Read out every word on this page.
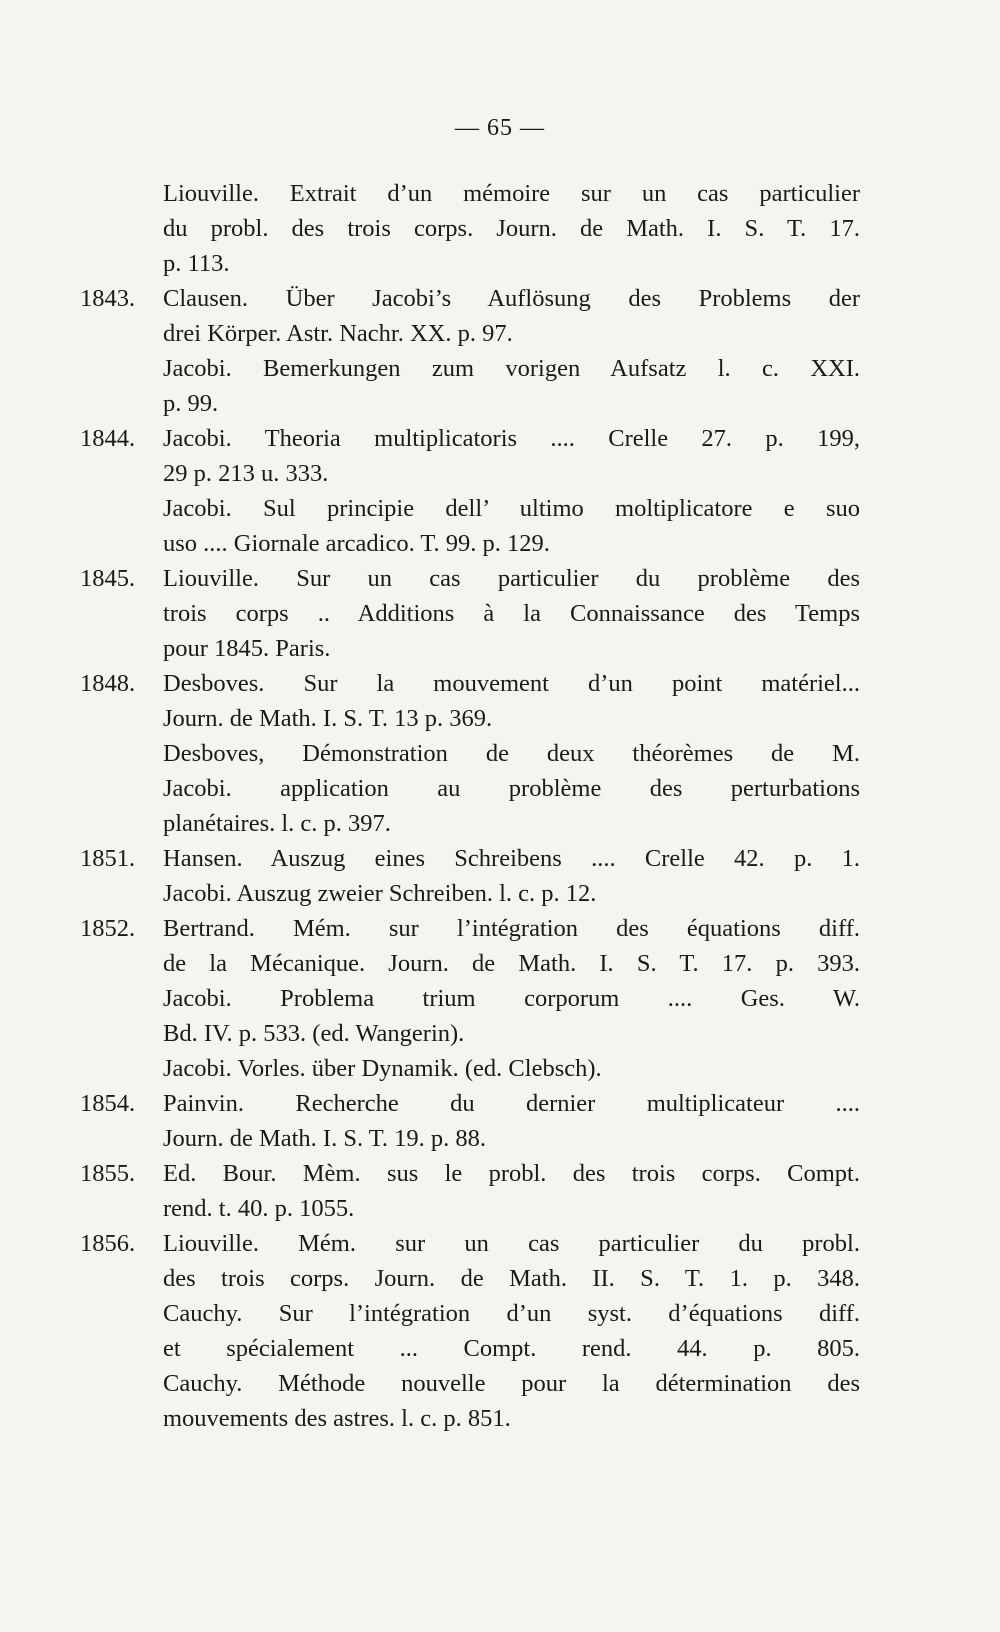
— 65 —
Liouville. Extrait d’un mémoire sur un cas particulier
du probl. des trois corps. Journ. de Math. I. S. T. 17.
p. 113.
1843. Clausen. Über Jacobi’s Auflösung des Problems der
drei Körper. Astr. Nachr. XX. p. 97.
Jacobi. Bemerkungen zum vorigen Aufsatz l. c. XXI.
p. 99.
1844. Jacobi. Theoria multiplicatoris .... Crelle 27. p. 199,
29 p. 213 u. 333.
Jacobi. Sul principie dell’ ultimo moltiplicatore e suo
uso .... Giornale arcadico. T. 99. p. 129.
1845. Liouville. Sur un cas particulier du problème des
trois corps .. Additions à la Connaissance des Temps
pour 1845. Paris.
1848. Desboves. Sur la mouvement d’un point matériel...
Journ. de Math. I. S. T. 13 p. 369.
Desboves, Démonstration de deux théorèmes de M.
Jacobi. application au problème des perturbations
planétaires. l. c. p. 397.
1851. Hansen. Auszug eines Schreibens .... Crelle 42. p. 1.
Jacobi. Auszug zweier Schreiben. l. c. p. 12.
1852. Bertrand. Mém. sur l’intégration des équations diff.
de la Mécanique. Journ. de Math. I. S. T. 17. p. 393.
Jacobi. Problema trium corporum .... Ges. W.
Bd. IV. p. 533. (ed. Wangerin).
Jacobi. Vorles. über Dynamik. (ed. Clebsch).
1854. Painvin. Recherche du dernier multiplicateur ....
Journ. de Math. I. S. T. 19. p. 88.
1855. Ed. Bour. Mèm. sus le probl. des trois corps. Compt.
rend. t. 40. p. 1055.
1856. Liouville. Mém. sur un cas particulier du probl.
des trois corps. Journ. de Math. II. S. T. 1. p. 348.
Cauchy. Sur l’intégration d’un syst. d’équations diff.
et spécialement ... Compt. rend. 44. p. 805.
Cauchy. Méthode nouvelle pour la détermination des
mouvements des astres. l. c. p. 851.
